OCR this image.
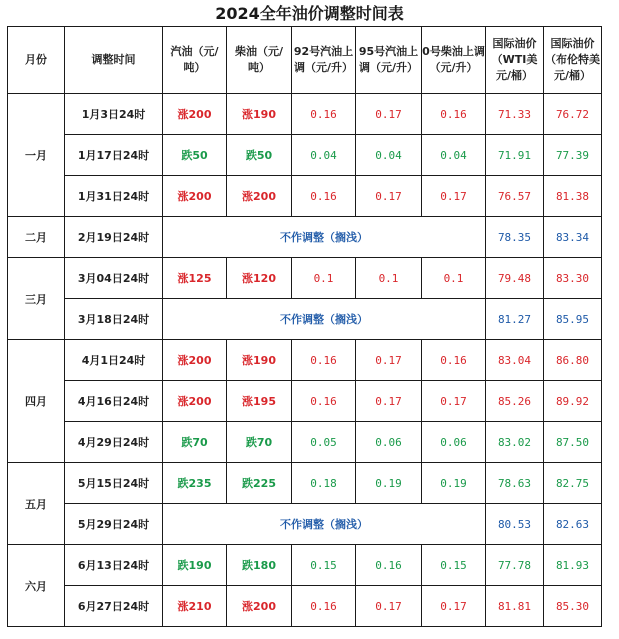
2024全年油价调整时间表
月份	调整时间	汽油（元/吨）	柴油（元/吨）	92号汽油上调（元/升）	95号汽油上调（元/升）	0号柴油上调（元/升）	国际油价（WTI美元/桶）	国际油价（布伦特美元/桶）
一月	1月3日24时	涨200	涨190	0.16	0.17	0.16	71.33	76.72
	1月17日24时	跌50	跌50	0.04	0.04	0.04	71.91	77.39
	1月31日24时	涨200	涨200	0.16	0.17	0.17	76.57	81.38
二月	2月19日24时	不作调整（搁浅）					78.35	83.34
三月	3月04日24时	涨125	涨120	0.1	0.1	0.1	79.48	83.30
	3月18日24时	不作调整（搁浅）					81.27	85.95
四月	4月1日24时	涨200	涨190	0.16	0.17	0.16	83.04	86.80
	4月16日24时	涨200	涨195	0.16	0.17	0.17	85.26	89.92
	4月29日24时	跌70	跌70	0.05	0.06	0.06	83.02	87.50
五月	5月15日24时	跌235	跌225	0.18	0.19	0.19	78.63	82.75
	5月29日24时	不作调整（搁浅）					80.53	82.63
六月	6月13日24时	跌190	跌180	0.15	0.16	0.15	77.78	81.93
	6月27日24时	涨210	涨200	0.16	0.17	0.17	81.81	85.30
